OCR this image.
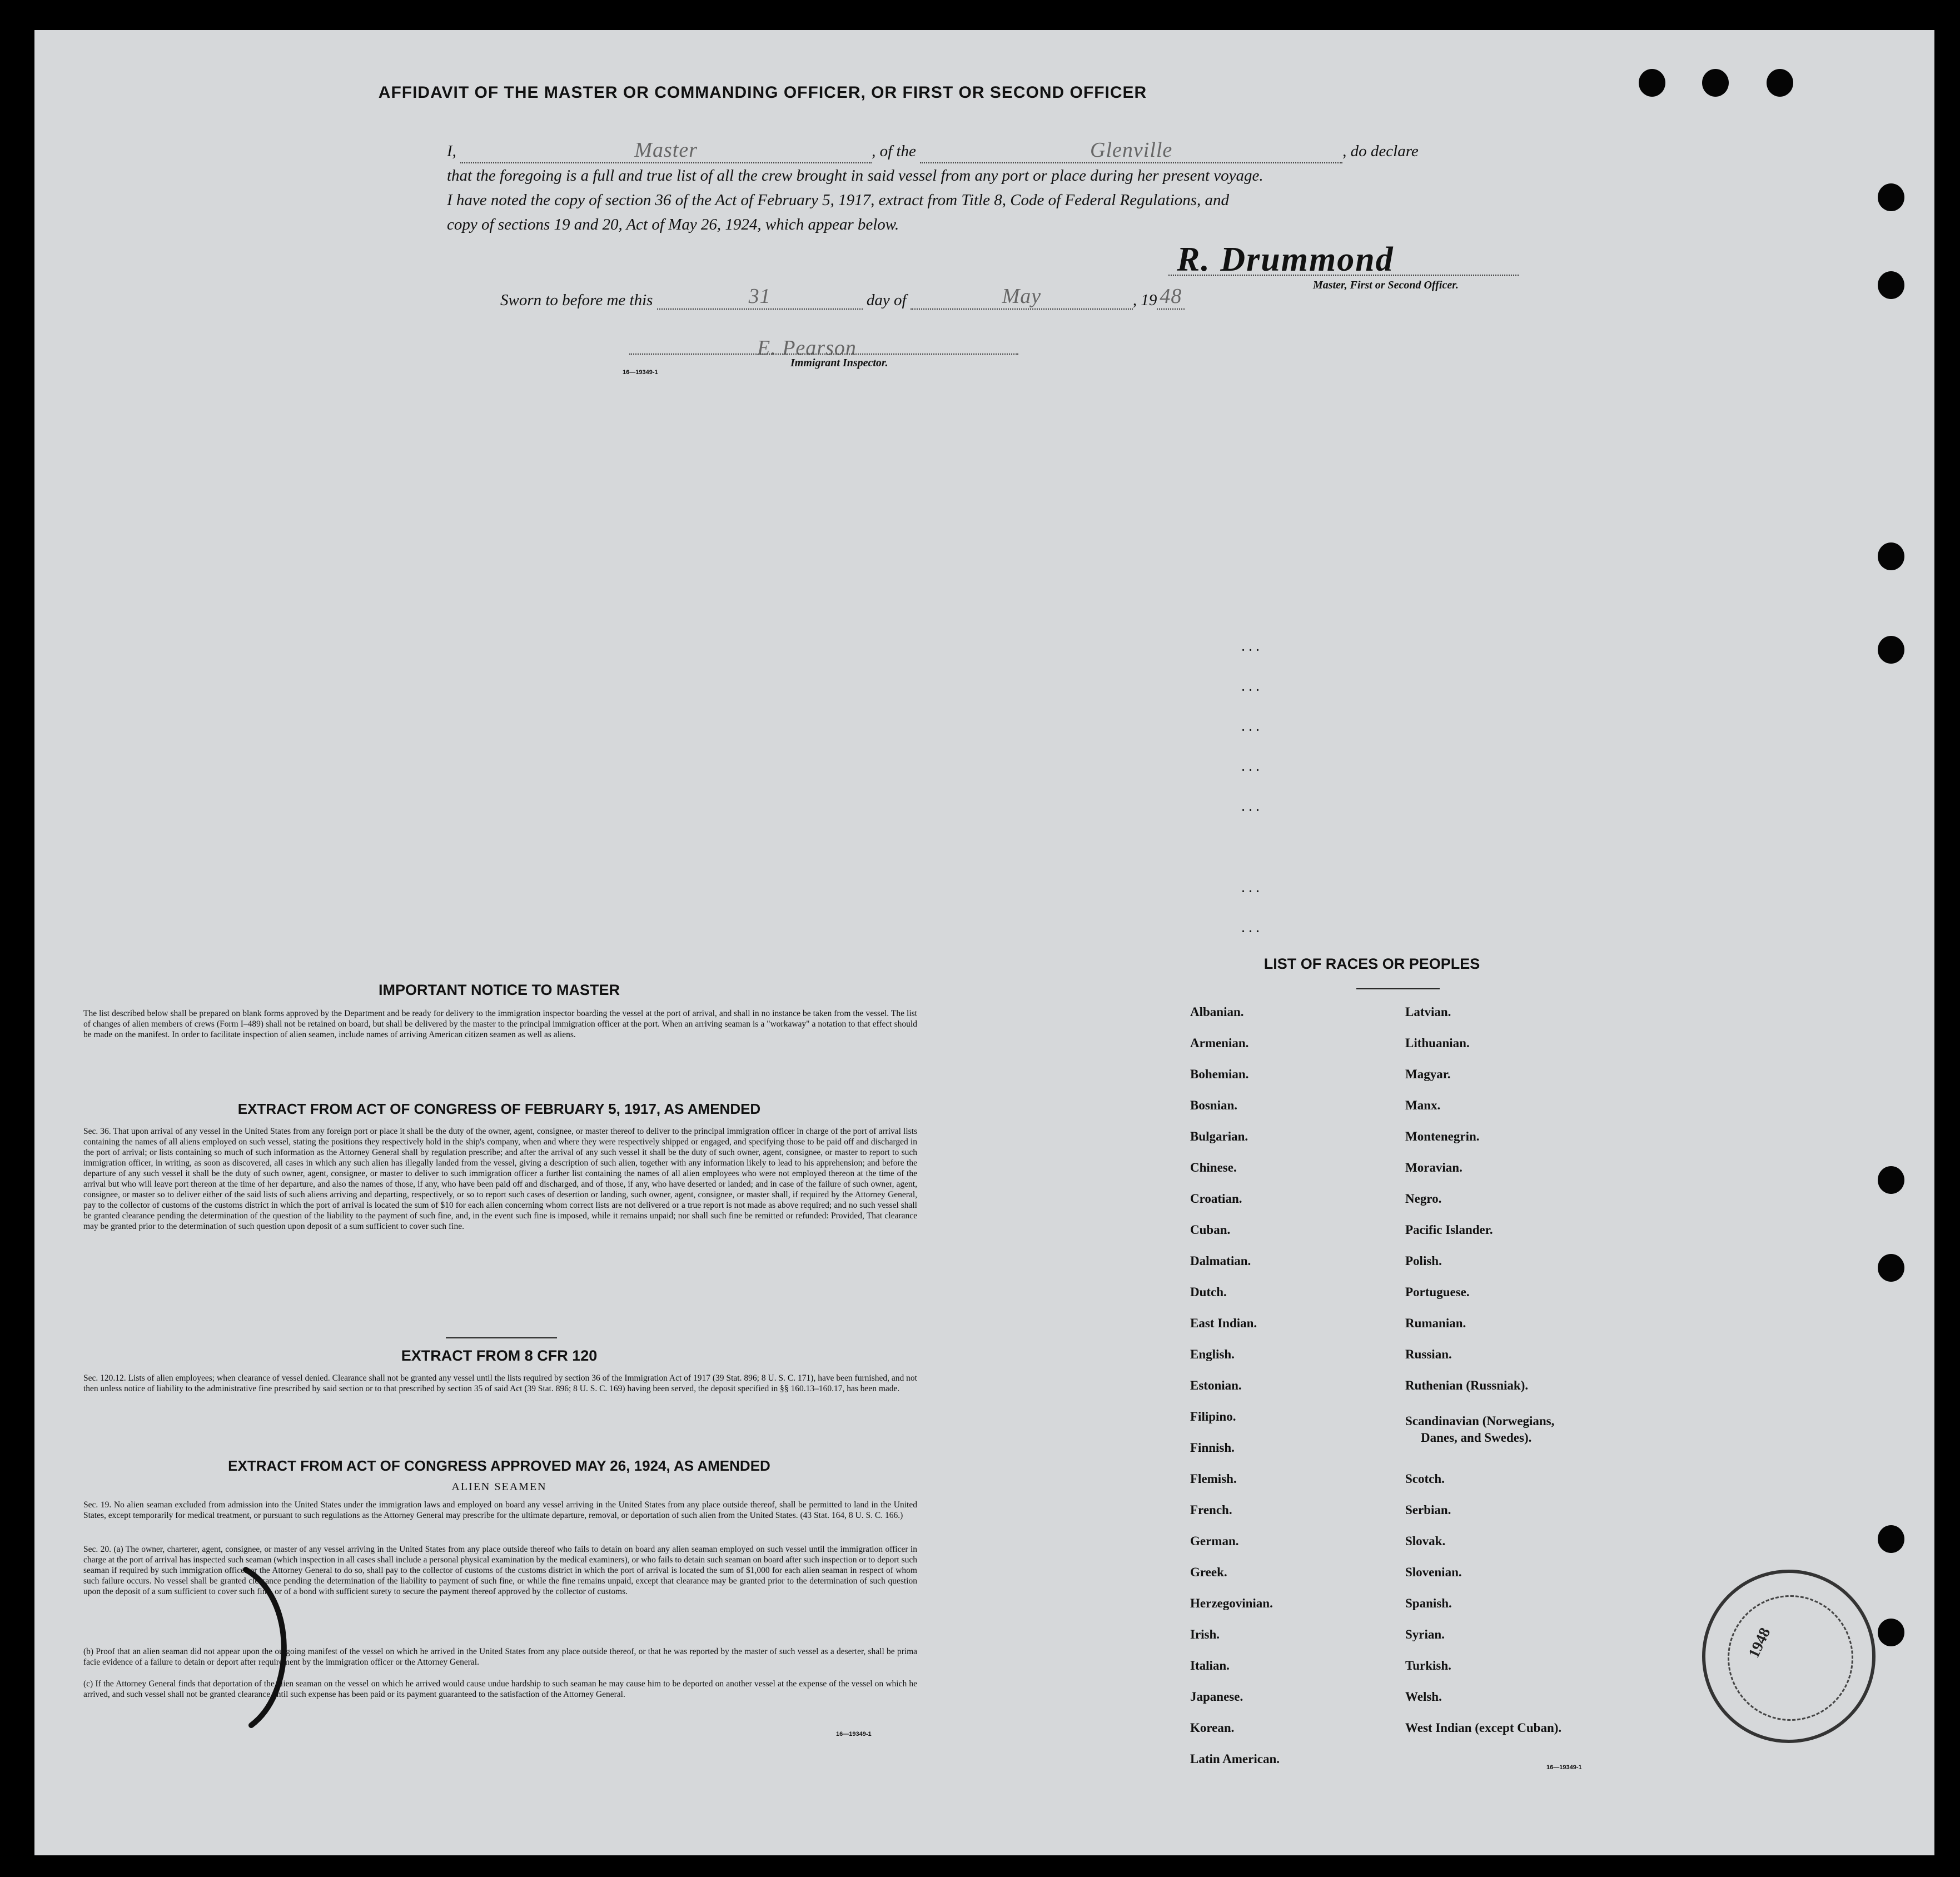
AFFIDAVIT OF THE MASTER OR COMMANDING OFFICER, OR FIRST OR SECOND OFFICER
I,	Master	, of the	Glenville	, do declare
that the foregoing is a full and true list of all the crew brought in said vessel from any port or place during her present voyage.
I have noted the copy of section 36 of the Act of February 5, 1917, extract from Title 8, Code of Federal Regulations, and
copy of sections 19 and 20, Act of May 26, 1924, which appear below.
R. Drummond
Master, First or Second Officer.
Sworn to before me this	31	day of	May	, 19 48
E. Pearson
Immigrant Inspector.
16—19349-1
...
...
...
...
...
...
...
IMPORTANT NOTICE TO MASTER
The list described below shall be prepared on blank forms approved by the Department and be ready for delivery to the immigration inspector boarding the vessel at the port of arrival, and shall in no instance be taken from the vessel. The list of changes of alien members of crews (Form I–489) shall not be retained on board, but shall be delivered by the master to the principal immigration officer at the port. When an arriving seaman is a "workaway" a notation to that effect should be made on the manifest. In order to facilitate inspection of alien seamen, include names of arriving American citizen seamen as well as aliens.
EXTRACT FROM ACT OF CONGRESS OF FEBRUARY 5, 1917, AS AMENDED
Sec. 36. That upon arrival of any vessel in the United States from any foreign port or place it shall be the duty of the owner, agent, consignee, or master thereof to deliver to the principal immigration officer in charge of the port of arrival lists containing the names of all aliens employed on such vessel, stating the positions they respectively hold in the ship's company, when and where they were respectively shipped or engaged, and specifying those to be paid off and discharged in the port of arrival; or lists containing so much of such information as the Attorney General shall by regulation prescribe; and after the arrival of any such vessel it shall be the duty of such owner, agent, consignee, or master to report to such immigration officer, in writing, as soon as discovered, all cases in which any such alien has illegally landed from the vessel, giving a description of such alien, together with any information likely to lead to his apprehension; and before the departure of any such vessel it shall be the duty of such owner, agent, consignee, or master to deliver to such immigration officer a further list containing the names of all alien employees who were not employed thereon at the time of the arrival but who will leave port thereon at the time of her departure, and also the names of those, if any, who have been paid off and discharged, and of those, if any, who have deserted or landed; and in case of the failure of such owner, agent, consignee, or master so to deliver either of the said lists of such aliens arriving and departing, respectively, or so to report such cases of desertion or landing, such owner, agent, consignee, or master shall, if required by the Attorney General, pay to the collector of customs of the customs district in which the port of arrival is located the sum of $10 for each alien concerning whom correct lists are not delivered or a true report is not made as above required; and no such vessel shall be granted clearance pending the determination of the question of the liability to the payment of such fine, and, in the event such fine is imposed, while it remains unpaid; nor shall such fine be remitted or refunded: Provided, That clearance may be granted prior to the determination of such question upon deposit of a sum sufficient to cover such fine.
EXTRACT FROM 8 CFR 120
Sec. 120.12. Lists of alien employees; when clearance of vessel denied. Clearance shall not be granted any vessel until the lists required by section 36 of the Immigration Act of 1917 (39 Stat. 896; 8 U. S. C. 171), have been furnished, and not then unless notice of liability to the administrative fine prescribed by said section or to that prescribed by section 35 of said Act (39 Stat. 896; 8 U. S. C. 169) having been served, the deposit specified in §§ 160.13–160.17, has been made.
EXTRACT FROM ACT OF CONGRESS APPROVED MAY 26, 1924, AS AMENDED
ALIEN SEAMEN
Sec. 19. No alien seaman excluded from admission into the United States under the immigration laws and employed on board any vessel arriving in the United States from any place outside thereof, shall be permitted to land in the United States, except temporarily for medical treatment, or pursuant to such regulations as the Attorney General may prescribe for the ultimate departure, removal, or deportation of such alien from the United States. (43 Stat. 164, 8 U. S. C. 166.)
Sec. 20. (a) The owner, charterer, agent, consignee, or master of any vessel arriving in the United States from any place outside thereof who fails to detain on board any alien seaman employed on such vessel until the immigration officer in charge at the port of arrival has inspected such seaman (which inspection in all cases shall include a personal physical examination by the medical examiners), or who fails to detain such seaman on board after such inspection or to deport such seaman if required by such immigration officer or the Attorney General to do so, shall pay to the collector of customs of the customs district in which the port of arrival is located the sum of $1,000 for each alien seaman in respect of whom such failure occurs. No vessel shall be granted clearance pending the determination of the liability to payment of such fine, or while the fine remains unpaid, except that clearance may be granted prior to the determination of such question upon the deposit of a sum sufficient to cover such fine, or of a bond with sufficient surety to secure the payment thereof approved by the collector of customs.
(b) Proof that an alien seaman did not appear upon the outgoing manifest of the vessel on which he arrived in the United States from any place outside thereof, or that he was reported by the master of such vessel as a deserter, shall be prima facie evidence of a failure to detain or deport after requirement by the immigration officer or the Attorney General.
(c) If the Attorney General finds that deportation of the alien seaman on the vessel on which he arrived would cause undue hardship to such seaman he may cause him to be deported on another vessel at the expense of the vessel on which he arrived, and such vessel shall not be granted clearance until such expense has been paid or its payment guaranteed to the satisfaction of the Attorney General.
16—19349-1
LIST OF RACES OR PEOPLES
Albanian.
Armenian.
Bohemian.
Bosnian.
Bulgarian.
Chinese.
Croatian.
Cuban.
Dalmatian.
Dutch.
East Indian.
English.
Estonian.
Filipino.
Finnish.
Flemish.
French.
German.
Greek.
Herzegovinian.
Irish.
Italian.
Japanese.
Korean.
Latin American.
Latvian.
Lithuanian.
Magyar.
Manx.
Montenegrin.
Moravian.
Negro.
Pacific Islander.
Polish.
Portuguese.
Rumanian.
Russian.
Ruthenian (Russniak).
Scandinavian (Norwegians,
Danes, and Swedes).
Scotch.
Serbian.
Slovak.
Slovenian.
Spanish.
Syrian.
Turkish.
Welsh.
West Indian (except Cuban).
16—19349-1
1948
